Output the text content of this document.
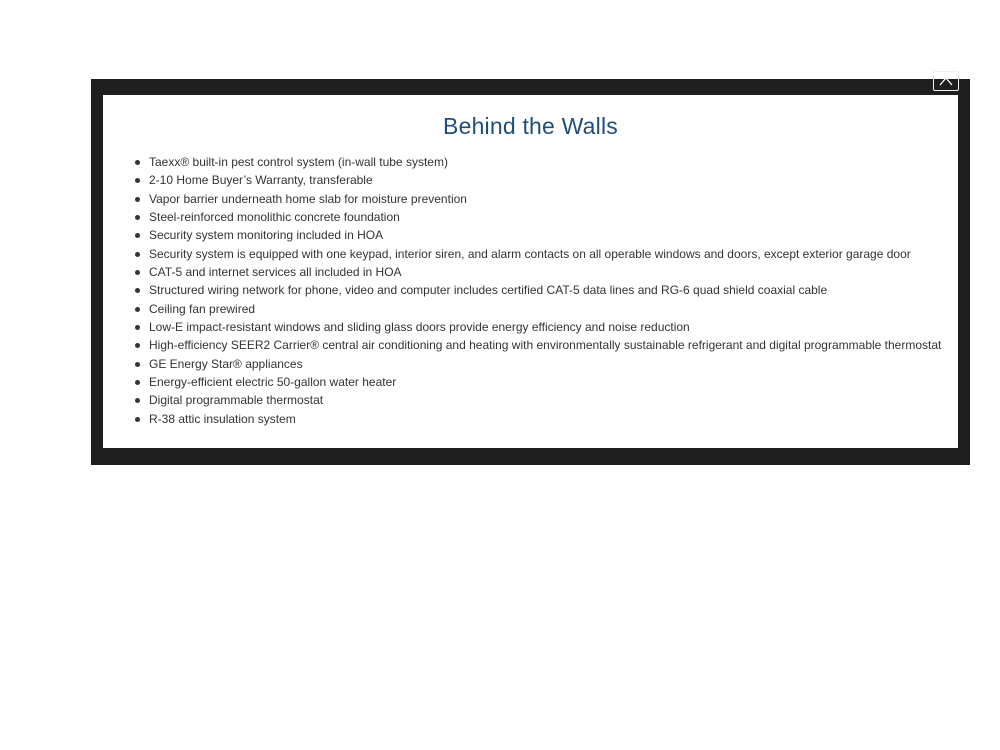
Behind the Walls
Taexx® built-in pest control system (in-wall tube system)
2-10 Home Buyer’s Warranty, transferable
Vapor barrier underneath home slab for moisture prevention
Steel-reinforced monolithic concrete foundation
Security system monitoring included in HOA
Security system is equipped with one keypad, interior siren, and alarm contacts on all operable windows and doors, except exterior garage door
CAT-5 and internet services all included in HOA
Structured wiring network for phone, video and computer includes certified CAT-5 data lines and RG-6 quad shield coaxial cable
Ceiling fan prewired
Low-E impact-resistant windows and sliding glass doors provide energy efficiency and noise reduction
High-efficiency SEER2 Carrier® central air conditioning and heating with environmentally sustainable refrigerant and digital programmable thermostat
GE Energy Star® appliances
Energy-efficient electric 50-gallon water heater
Digital programmable thermostat
R-38 attic insulation system
